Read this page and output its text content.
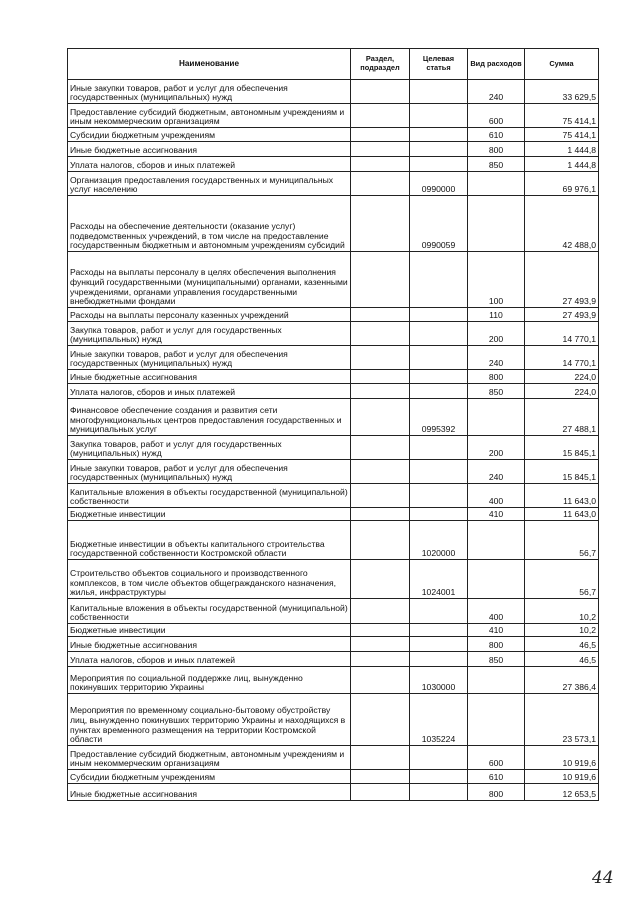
Наименование	Раздел, подраздел	Целевая статья	Вид расходов	Сумма
Иные закупки товаров, работ и услуг для обеспечения государственных (муниципальных) нужд			240	33 629,5
Предоставление субсидий бюджетным, автономным учреждениям и иным некоммерческим организациям			600	75 414,1
Субсидии бюджетным учреждениям			610	75 414,1
Иные бюджетные ассигнования			800	1 444,8
Уплата налогов, сборов и иных платежей			850	1 444,8
Организация предоставления государственных и муниципальных услуг населению		0990000		69 976,1
Расходы на обеспечение деятельности (оказание услуг) подведомственных учреждений, в том числе на предоставление государственным бюджетным и автономным учреждениям субсидий		0990059		42 488,0
Расходы на выплаты персоналу в целях обеспечения выполнения функций государственными (муниципальными) органами, казенными учреждениями, органами управления государственными внебюджетными фондами			100	27 493,9
Расходы на выплаты персоналу казенных учреждений			110	27 493,9
Закупка товаров, работ и услуг для государственных (муниципальных) нужд			200	14 770,1
Иные закупки товаров, работ и услуг для обеспечения государственных (муниципальных) нужд			240	14 770,1
Иные бюджетные ассигнования			800	224,0
Уплата налогов, сборов и иных платежей			850	224,0
Финансовое обеспечение создания и развития сети многофункциональных центров предоставления государственных и муниципальных услуг		0995392		27 488,1
Закупка товаров, работ и услуг для государственных (муниципальных) нужд			200	15 845,1
Иные закупки товаров, работ и услуг для обеспечения государственных (муниципальных) нужд			240	15 845,1
Капитальные вложения в объекты государственной (муниципальной) собственности			400	11 643,0
Бюджетные инвестиции			410	11 643,0
Бюджетные инвестиции в объекты капитального строительства государственной собственности Костромской области		1020000		56,7
Строительство объектов социального и производственного комплексов, в том числе объектов общегражданского назначения, жилья, инфраструктуры		1024001		56,7
Капитальные вложения в объекты государственной (муниципальной) собственности			400	10,2
Бюджетные инвестиции			410	10,2
Иные бюджетные ассигнования			800	46,5
Уплата налогов, сборов и иных платежей			850	46,5
Мероприятия по социальной поддержке лиц, вынужденно покинувших территорию Украины		1030000		27 386,4
Мероприятия по временному социально-бытовому обустройству лиц, вынужденно покинувших территорию Украины и находящихся в пунктах временного размещения на территории Костромской области		1035224		23 573,1
Предоставление субсидий бюджетным, автономным учреждениям и иным некоммерческим организациям			600	10 919,6
Субсидии бюджетным учреждениям			610	10 919,6
Иные бюджетные ассигнования			800	12 653,5
44
